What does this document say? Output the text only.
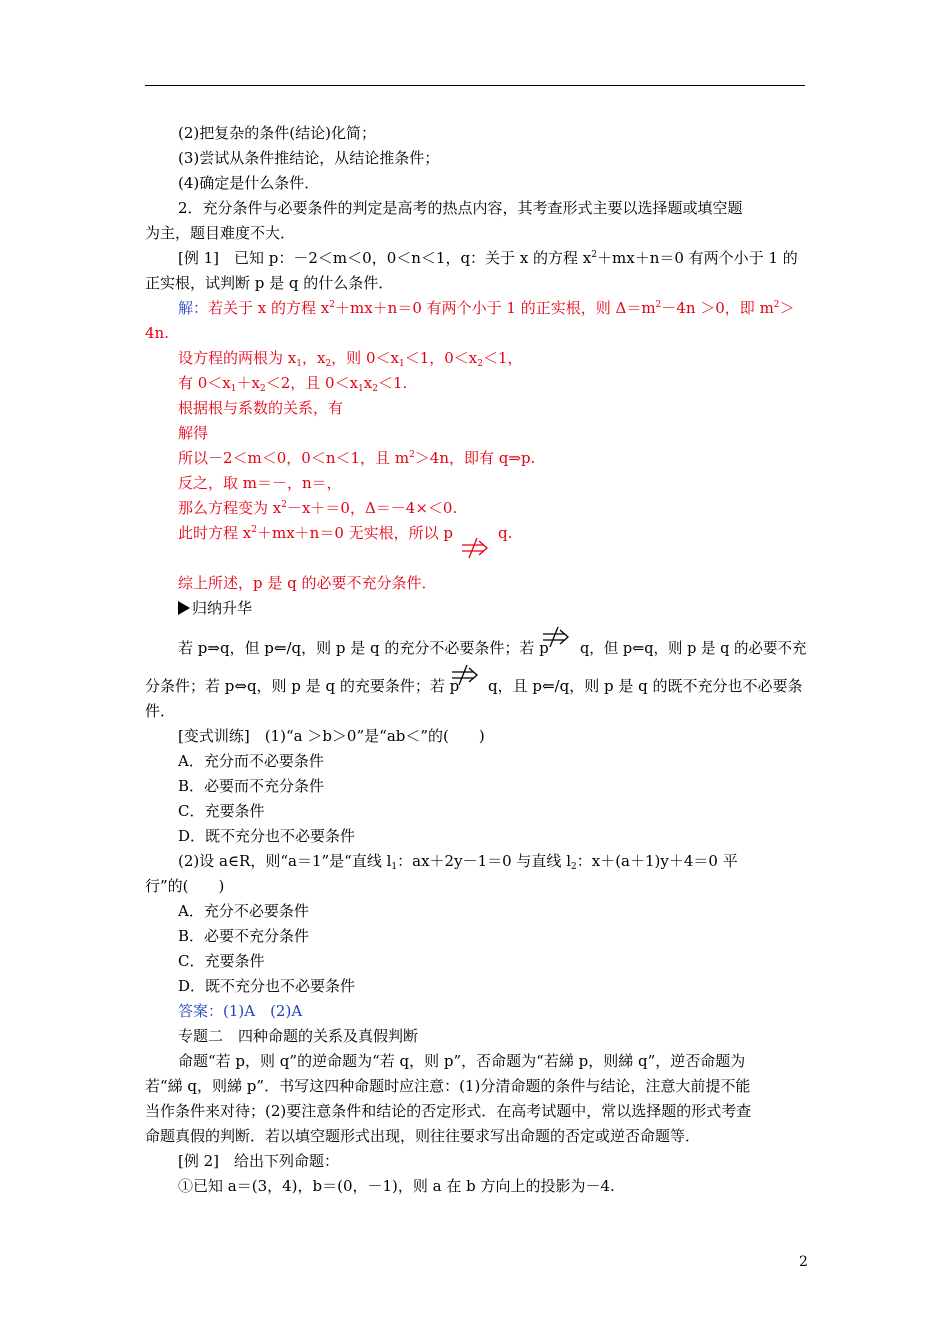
(2)把复杂的条件(结论)化简；
(3)尝试从条件推结论，从结论推条件；
(4)确定是什么条件．
2．充分条件与必要条件的判定是高考的热点内容，其考查形式主要以选择题或填空题
为主，题目难度不大．
[例 1]　已知 p：－2＜m＜0，0＜n＜1，q：关于 x 的方程 $x^2+mx+n=0$ 有两个小于 1 的
正实根，试判断 p 是 q 的什么条件．
解：若关于 x 的方程 $x^2+mx+n=0$ 有两个小于 1 的正实根，则 $\Delta=m^2-4n >0$，即 $m^2>$
4n.
设方程的两根为 $x_1$，$x_2$，则 $0<x_1<1$，$0<x_2<1$，
有 $0<x_1+x_2<2$，且 $0<x_1x_2<1$.
根据根与系数的关系，有
解得
所以－2＜m＜0，0＜n＜1，且 $m^2>4n$，即有 q⇒p.
反之，取 m＝－，n＝，
那么方程变为 $x^2-x+=0$，Δ＝－4×＜0.
此时方程 $x^2+mx+n=0$ 无实根，所以 p	q.
综上所述，p 是 q 的必要不充分条件．
归纳升华
若 p⇒q，但 p⇐/q，则 p 是 q 的充分不必要条件；若 p q，但 p⇐q，则 p 是 q 的必要不充
分条件；若 p⇔q，则 p 是 q 的充要条件；若 p q，且 p⇐/q，则 p 是 q 的既不充分也不必要条
件．
[变式训练]　(1)“a ＞b＞0”是“ab＜”的(　　)
A．充分而不必要条件
B．必要而不充分条件
C．充要条件
D．既不充分也不必要条件
(2)设 a∈R，则“a＝1”是“直线 $l_1$：ax＋2y－1＝0 与直线 $l_2$：x＋(a＋1)y＋4＝0 平
行”的(　　)
A．充分不必要条件
B．必要不充分条件
C．充要条件
D．既不充分也不必要条件
答案：(1)A　(2)A
专题二　四种命题的关系及真假判断
命题“若 p，则 q”的逆命题为“若 q，则 p”，否命题为“若綈 p，则綈 q”，逆否命题为
若“綈 q，则綈 p”．书写这四种命题时应注意：(1)分清命题的条件与结论，注意大前提不能
当作条件来对待；(2)要注意条件和结论的否定形式．在高考试题中，常以选择题的形式考查
命题真假的判断．若以填空题形式出现，则往往要求写出命题的否定或逆否命题等．
[例 2]　给出下列命题：
①已知 a＝(3，4)，b＝(0，－1)，则 a 在 b 方向上的投影为－4.
2
